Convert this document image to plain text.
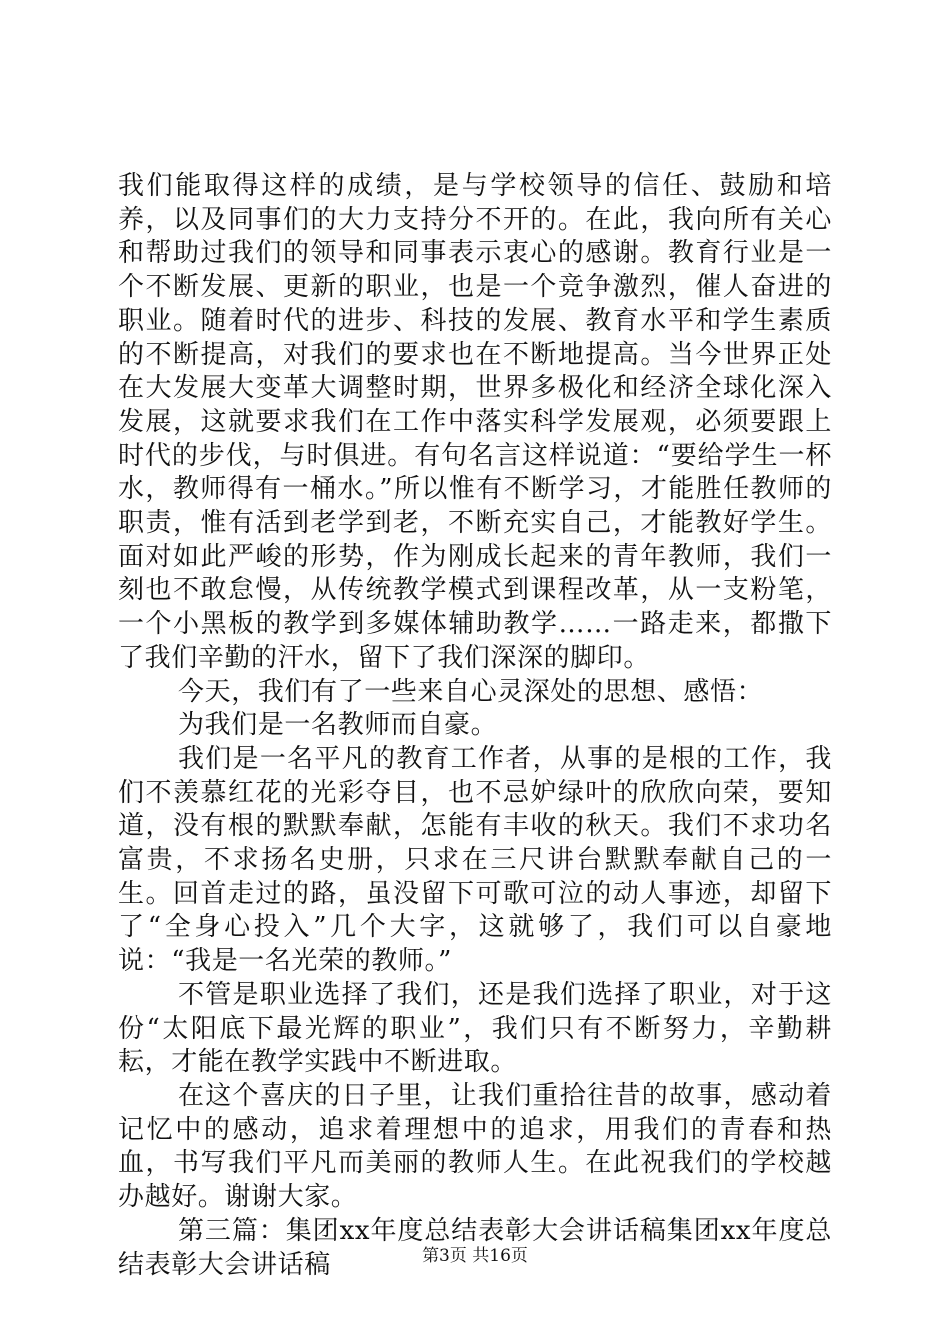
我们能取得这样的成绩，是与学校领导的信任、鼓励和培养，以及同事们的大力支持分不开的。在此，我向所有关心和帮助过我们的领导和同事表示衷心的感谢。教育行业是一个不断发展、更新的职业，也是一个竞争激烈，催人奋进的职业。随着时代的进步、科技的发展、教育水平和学生素质的不断提高，对我们的要求也在不断地提高。当今世界正处在大发展大变革大调整时期，世界多极化和经济全球化深入发展，这就要求我们在工作中落实科学发展观，必须要跟上时代的步伐，与时俱进。有句名言这样说道：“要给学生一杯水，教师得有一桶水。”所以惟有不断学习，才能胜任教师的职责，惟有活到老学到老，不断充实自己，才能教好学生。面对如此严峻的形势，作为刚成长起来的青年教师，我们一刻也不敢怠慢，从传统教学模式到课程改革，从一支粉笔，一个小黑板的教学到多媒体辅助教学……一路走来，都撒下了我们辛勤的汗水，留下了我们深深的脚印。

今天，我们有了一些来自心灵深处的思想、感悟：

为我们是一名教师而自豪。

我们是一名平凡的教育工作者，从事的是根的工作，我们不羡慕红花的光彩夺目，也不忌妒绿叶的欣欣向荣，要知道，没有根的默默奉献，怎能有丰收的秋天。我们不求功名富贵，不求扬名史册，只求在三尺讲台默默奉献自己的一生。回首走过的路，虽没留下可歌可泣的动人事迹，却留下了“全身心投入”几个大字，这就够了，我们可以自豪地说：“我是一名光荣的教师。”

不管是职业选择了我们，还是我们选择了职业，对于这份“太阳底下最光辉的职业”，我们只有不断努力，辛勤耕耘，才能在教学实践中不断进取。

在这个喜庆的日子里，让我们重拾往昔的故事，感动着记忆中的感动，追求着理想中的追求，用我们的青春和热血，书写我们平凡而美丽的教师人生。在此祝我们的学校越办越好。谢谢大家。

第三篇：集团xx年度总结表彰大会讲话稿集团xx年度总结表彰大会讲话稿	第3页 共16页
